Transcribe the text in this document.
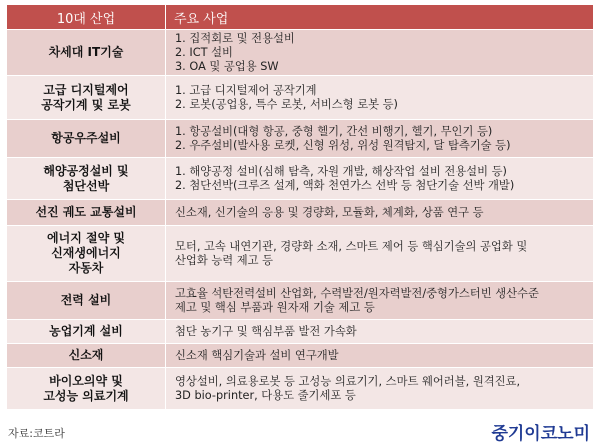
10대 산업	주요 사업

차세대 IT기술	1. 집적회로 및 전용설비
2. ICT 설비
3. OA 및 공업용 SW

고급 디지털제어
공작기계 및 로봇	1. 고급 디지털제어 공작기계
2. 로봇(공업용, 특수 로봇, 서비스형 로봇 등)

항공우주설비	1. 항공설비(대형 항공, 중형 헬기, 간선 비행기, 헬기, 무인기 등)
2. 우주설비(발사용 로켓, 신형 위성, 위성 원격탐지, 달 탐측기술 등)

해양공정설비 및
첨단선박	1. 해양공정 설비(심해 탐측, 자원 개발, 해상작업 설비 전용설비 등)
2. 첨단선박(크루즈 설계, 액화 천연가스 선박 등 첨단기술 선박 개발)

선진 궤도 교통설비	신소재, 신기술의 응용 및 경량화, 모듈화, 체계화, 상품 연구 등

에너지 절약 및
신재생에너지
자동차	모터, 고속 내연기관, 경량화 소재, 스마트 제어 등 핵심기술의 공업화 및
산업화 능력 제고 등

전력 설비	고효율 석탄전력설비 산업화, 수력발전/원자력발전/중형가스터빈 생산수준
제고 및 핵심 부품과 원자재 기술 제고 등

농업기계 설비	첨단 농기구 및 핵심부품 발전 가속화

신소재	신소재 핵심기술과 설비 연구개발

바이오의약 및
고성능 의료기계	영상설비, 의료용로봇 등 고성능 의료기기, 스마트 웨어러블, 원격진료,
3D bio-printer, 다용도 줄기세포 등
자료:코트라	중기이코노미
